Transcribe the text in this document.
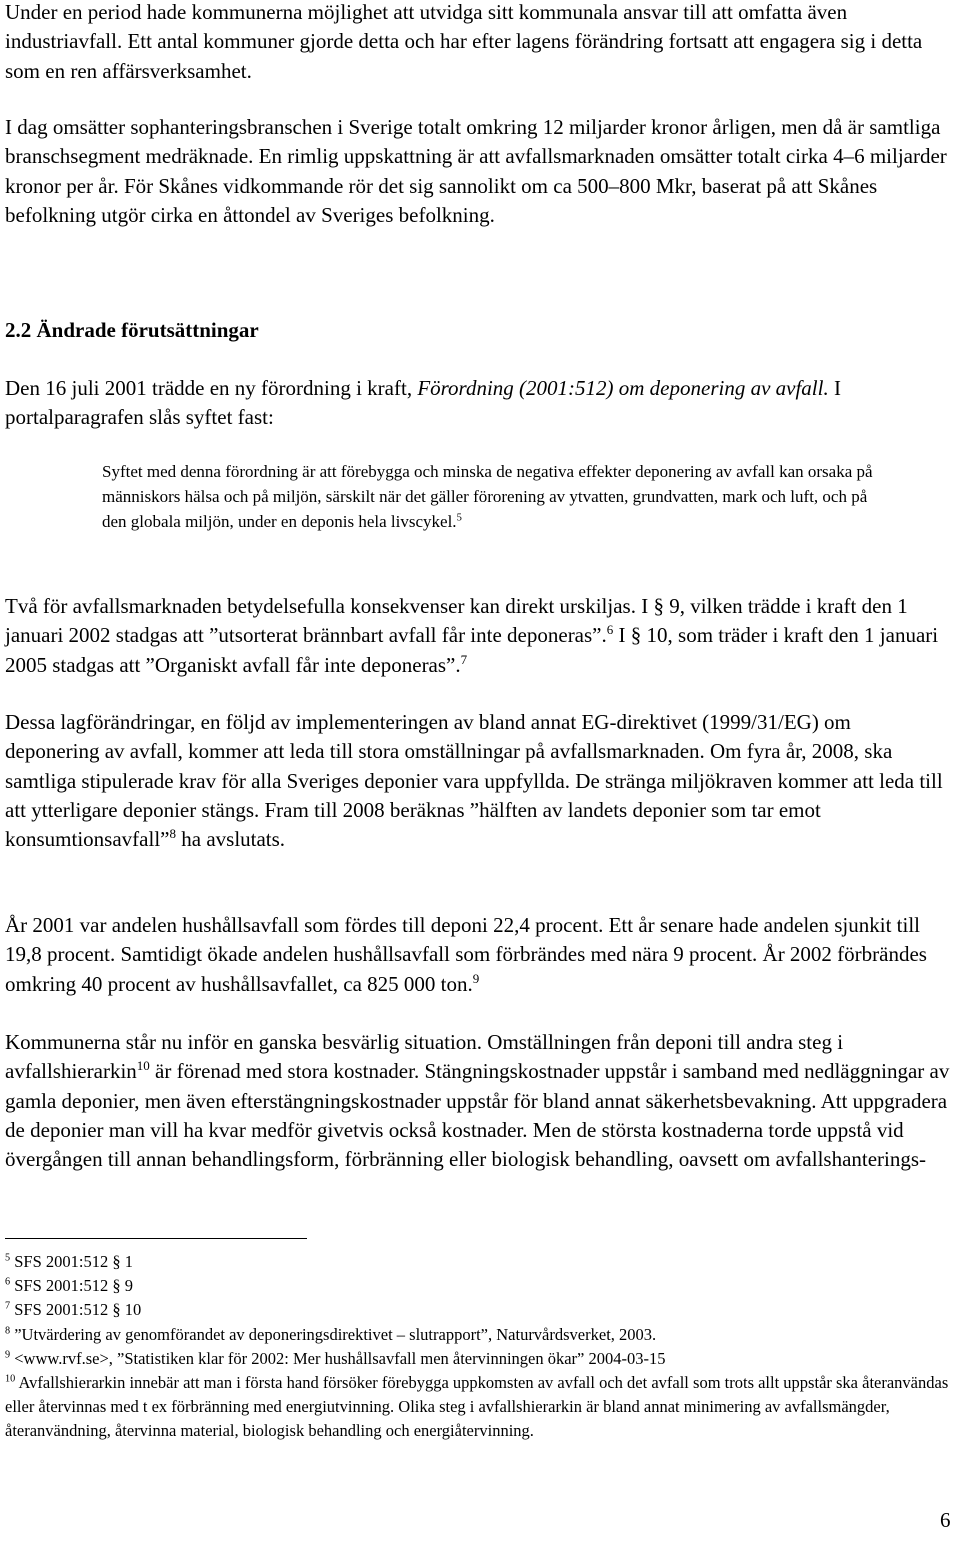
Under en period hade kommunerna möjlighet att utvidga sitt kommunala ansvar till att omfatta även industriavfall. Ett antal kommuner gjorde detta och har efter lagens förändring fortsatt att engagera sig i detta som en ren affärsverksamhet.

I dag omsätter sophanteringsbranschen i Sverige totalt omkring 12 miljarder kronor årligen, men då är samtliga branschsegment medräknade. En rimlig uppskattning är att avfallsmarknaden omsätter totalt cirka 4–6 miljarder kronor per år. För Skånes vidkommande rör det sig sannolikt om ca 500–800 Mkr, baserat på att Skånes befolkning utgör cirka en åttondel av Sveriges befolkning.

2.2 Ändrade förutsättningar

Den 16 juli 2001 trädde en ny förordning i kraft, Förordning (2001:512) om deponering av avfall. I portalparagrafen slås syftet fast:

Syftet med denna förordning är att förebygga och minska de negativa effekter deponering av avfall kan orsaka på människors hälsa och på miljön, särskilt när det gäller förorening av ytvatten, grundvatten, mark och luft, och på den globala miljön, under en deponis hela livscykel.$^5$

Två för avfallsmarknaden betydelsefulla konsekvenser kan direkt urskiljas. I § 9, vilken trädde i kraft den 1 januari 2002 stadgas att ”utsorterat brännbart avfall får inte deponeras”.$^6$ I § 10, som träder i kraft den 1 januari 2005 stadgas att ”Organiskt avfall får inte deponeras”.$^7$

Dessa lagförändringar, en följd av implementeringen av bland annat EG-direktivet (1999/31/EG) om deponering av avfall, kommer att leda till stora omställningar på avfallsmarknaden. Om fyra år, 2008, ska samtliga stipulerade krav för alla Sveriges deponier vara uppfyllda. De stränga miljökraven kommer att leda till att ytterligare deponier stängs. Fram till 2008 beräknas ”hälften av landets deponier som tar emot konsumtionsavfall”$^8$ ha avslutats.

År 2001 var andelen hushållsavfall som fördes till deponi 22,4 procent. Ett år senare hade andelen sjunkit till 19,8 procent. Samtidigt ökade andelen hushållsavfall som förbrändes med nära 9 procent. År 2002 förbrändes omkring 40 procent av hushållsavfallet, ca 825 000 ton.$^9$

Kommunerna står nu inför en ganska besvärlig situation. Omställningen från deponi till andra steg i avfallshierarkin$^{10}$ är förenad med stora kostnader. Stängningskostnader uppstår i samband med nedläggningar av gamla deponier, men även efterstängningskostnader uppstår för bland annat säkerhetsbevakning. Att uppgradera de deponier man vill ha kvar medför givetvis också kostnader. Men de största kostnaderna torde uppstå vid övergången till annan behandlingsform, förbränning eller biologisk behandling, oavsett om avfallshanterings-

$^5$ SFS 2001:512 § 1

$^6$ SFS 2001:512 § 9

$^7$ SFS 2001:512 § 10

$^8$ ”Utvärdering av genomförandet av deponeringsdirektivet – slutrapport”, Naturvårdsverket, 2003.

$^9$ <www.rvf.se>, ”Statistiken klar för 2002: Mer hushållsavfall men återvinningen ökar” 2004-03-15

$^{10}$ Avfallshierarkin innebär att man i första hand försöker förebygga uppkomsten av avfall och det avfall som trots allt uppstår ska återanvändas eller återvinnas med t ex förbränning med energiutvinning. Olika steg i avfallshierarkin är bland annat minimering av avfallsmängder, återanvändning, återvinna material, biologisk behandling och energiåtervinning.

6
